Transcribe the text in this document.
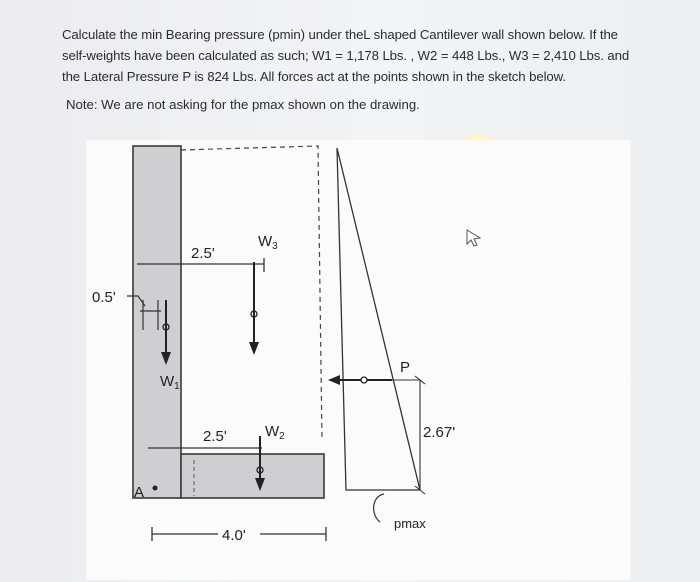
Calculate the min Bearing pressure (pmin) under theL shaped Cantilever wall shown below. If the self-weights have been calculated as such; W1 = 1,178 Lbs. , W2 = 448 Lbs., W3 = 2,410 Lbs. and the Lateral Pressure P is 824 Lbs. All forces act at the points shown in the sketch below.
Note: We are not asking for the pmax shown on the drawing.
2.5'
$W_3$
0.5'
$W_1$
2.5'	$W_2$
A
4.0'
P
2.67'
pmax
